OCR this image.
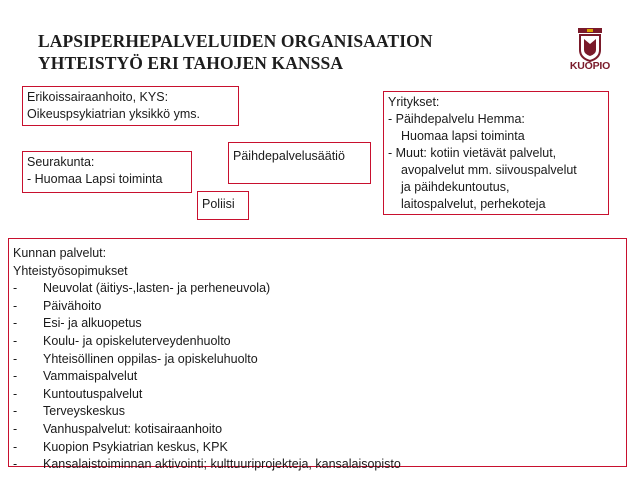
LAPSIPERHEPALVELUIDEN ORGANISAATION
YHTEISTYÖ ERI TAHOJEN KANSSA	KUOPIO
Erikoissairaanhoito, KYS:
Oikeuspsykiatrian yksikkö yms.
Yritykset:
- Päihdepalvelu Hemma:
Huomaa lapsi toiminta
- Muut: kotiin vietävät palvelut,
avopalvelut mm. siivouspalvelut
ja päihdekuntoutus,
laitospalvelut, perhekoteja
Päihdepalvelusäätiö
Seurakunta:
- Huomaa Lapsi toiminta
Poliisi
Kunnan palvelut:
Yhteistyösopimukset
- Neuvolat (äitiys-,lasten- ja perheneuvola)
- Päivähoito
- Esi- ja alkuopetus
- Koulu- ja opiskeluterveydenhuolto
- Yhteisöllinen oppilas- ja opiskeluhuolto
- Vammaispalvelut
- Kuntoutuspalvelut
- Terveyskeskus
- Vanhuspalvelut: kotisairaanhoito
- Kuopion Psykiatrian keskus, KPK
- Kansalaistoiminnan aktivointi; kulttuuriprojekteja, kansalaisopisto
